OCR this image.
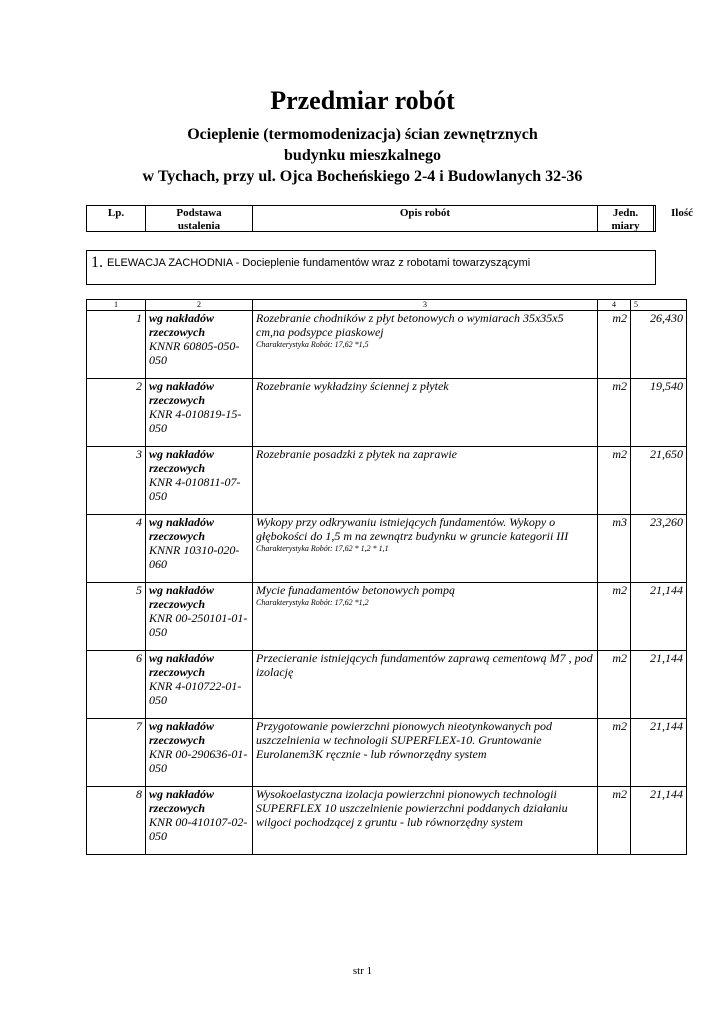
Przedmiar robót
Ocieplenie (termomodenizacja) ścian zewnętrznych
budynku mieszkalnego
w Tychach, przy ul. Ojca Bocheńskiego 2-4 i Budowlanych 32-36
Lp.	Podstawa
ustalenia
Opis robót	Jedn.
miary
Ilość
1. ELEWACJA ZACHODNIA - Docieplenie fundamentów wraz z robotami towarzyszącymi
1	2	3	4	5
1	wg nakładów rzeczowych
KNNR 60805-050-050	Rozebranie chodników z płyt betonowych o wymiarach 35x35x5 cm,na podsypce piaskowej
Charakterystyka Robót: 17,62 *1,5	m2	26,430
2	wg nakładów rzeczowych
KNR 4-010819-15-050	Rozebranie wykładziny ściennej z płytek	m2	19,540
3	wg nakładów rzeczowych
KNR 4-010811-07-050	Rozebranie posadzki z płytek na zaprawie	m2	21,650
4	wg nakładów rzeczowych
KNNR 10310-020-060	Wykopy przy odkrywaniu istniejących fundamentów. Wykopy o głębokości do 1,5 m na zewnątrz budynku w gruncie kategorii III
Charakterystyka Robót: 17,62 * 1,2 * 1,1	m3	23,260
5	wg nakładów rzeczowych
KNR 00-250101-01-050	Mycie funadamentów betonowych pompą
Charakterystyka Robót: 17,62 *1,2	m2	21,144
6	wg nakładów rzeczowych
KNR 4-010722-01-050	Przecieranie istniejących fundamentów zaprawą cementową M7 , pod izolację	m2	21,144
7	wg nakładów rzeczowych
KNR 00-290636-01-050	Przygotowanie powierzchni pionowych nieotynkowanych pod uszczelnienia w technologii SUPERFLEX-10. Gruntowanie Eurolanem3K ręcznie - lub równorzędny system	m2	21,144
8	wg nakładów rzeczowych
KNR 00-410107-02-050	Wysokoelastyczna izolacja powierzchni pionowych technologii SUPERFLEX 10 uszczelnienie powierzchni poddanych działaniu wilgoci pochodzącej z gruntu - lub równorzędny system	m2	21,144
str 1
